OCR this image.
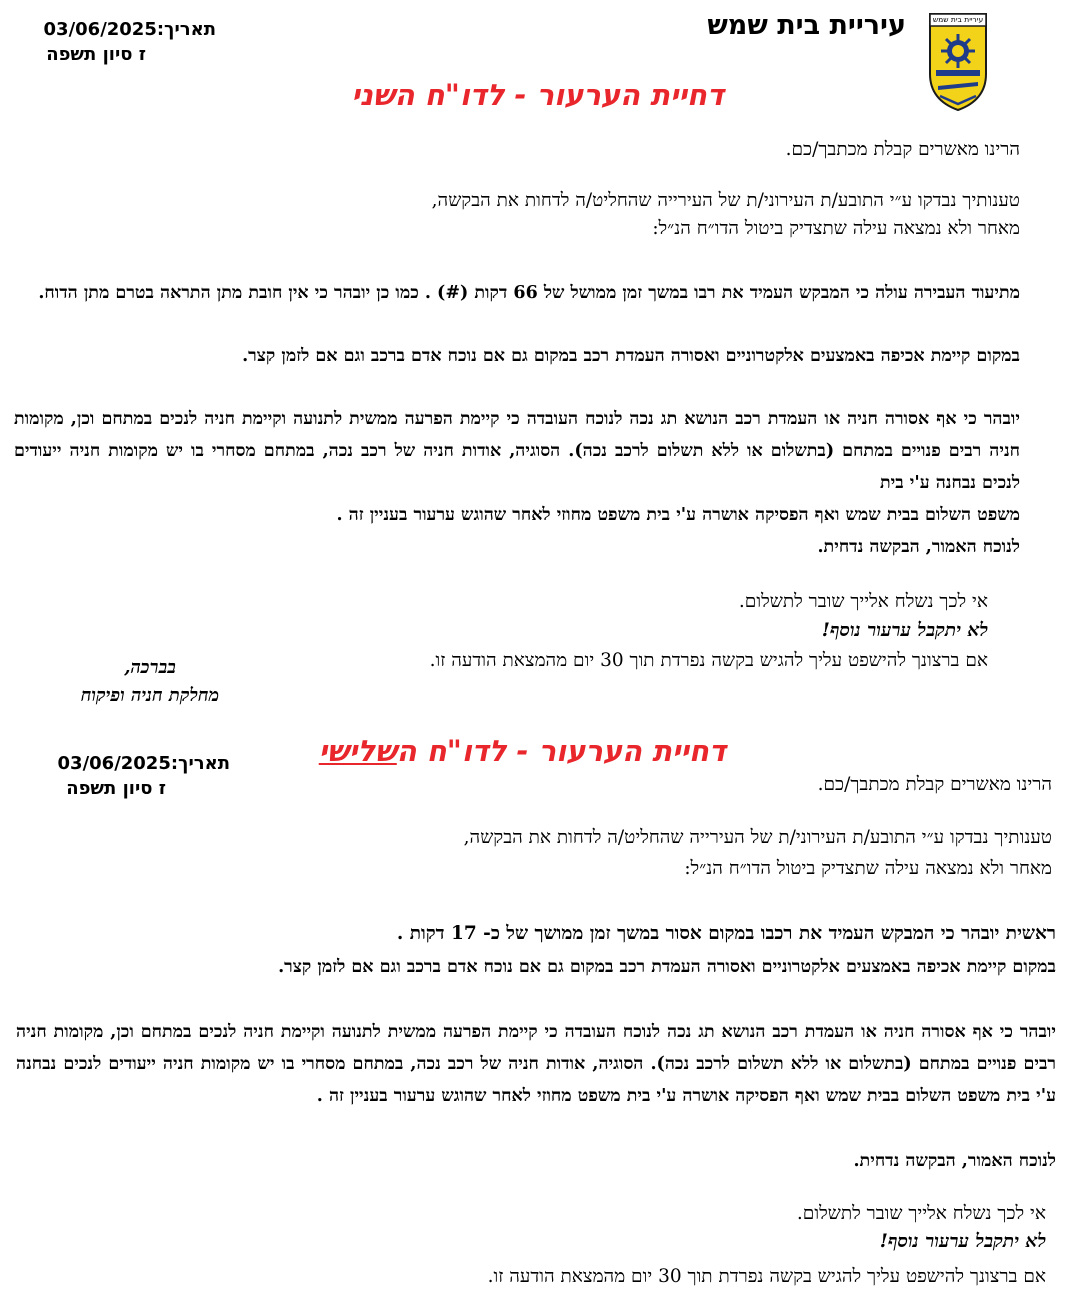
עיריית בית שמש
עיריית בית שמש
תאריך:03/06/2025
ז סיון תשפה
דחיית הערעור - לדו"ח השני
הרינו מאשרים קבלת מכתבך/כם.
טענותיך נבדקו ע״י התובע/ת העירוני/ת של העירייה שהחליט/ה לדחות את הבקשה,
מאחר ולא נמצאה עילה שתצדיק ביטול הדו״ח הנ״ל:
מתיעוד העבירה עולה כי המבקש העמיד את רבו במשך זמן ממושל של 66 דקות (#) . כמו כן יובהר כי אין חובת מתן התראה בטרם מתן הדוח.
במקום קיימת אכיפה באמצעים אלקטרוניים ואסורה העמדת רכב במקום גם אם נוכח אדם ברכב וגם אם לזמן קצר.
יובהר כי אף אסורה חניה או העמדת רכב הנושא תג נכה לנוכח העובדה כי קיימת הפרעה ממשית לתנועה וקיימת חניה לנכים במתחם וכן, מקומות חניה רבים פנויים במתחם (בתשלום או ללא תשלום לרכב נכה). הסוגיה, אודות חניה של רכב נכה, במתחם מסחרי בו יש מקומות חניה ייעודים לנכים נבחנה ע'י בית
משפט השלום בבית שמש ואף הפסיקה אושרה ע'י בית משפט מחוזי לאחר שהוגש ערעור בעניין זה .
לנוכח האמור, הבקשה נדחית.
אי לכך נשלח אלייך שובר לתשלום.
לא יתקבל ערעור נוסף!
אם ברצונך להישפט עליך להגיש בקשה נפרדת תוך 30 יום מהמצאת הודעה זו.
בברכה,
מחלקת חניה ופיקוח
דחיית הערעור - לדו"ח השלישי
תאריך:03/06/2025
ז סיון תשפה	הרינו מאשרים קבלת מכתבך/כם.
טענותיך נבדקו ע״י התובע/ת העירוני/ת של העירייה שהחליט/ה לדחות את הבקשה,
מאחר ולא נמצאה עילה שתצדיק ביטול הדו״ח הנ״ל:
ראשית יובהר כי המבקש העמיד את רכבו במקום אסור במשך זמן ממושך של כ- 17 דקות .
במקום קיימת אכיפה באמצעים אלקטרוניים ואסורה העמדת רכב במקום גם אם נוכח אדם ברכב וגם אם לזמן קצר.
יובהר כי אף אסורה חניה או העמדת רכב הנושא תג נכה לנוכח העובדה כי קיימת הפרעה ממשית לתנועה וקיימת חניה לנכים במתחם וכן, מקומות חניה רבים פנויים במתחם (בתשלום או ללא תשלום לרכב נכה). הסוגיה, אודות חניה של רכב נכה, במתחם מסחרי בו יש מקומות חניה ייעודים לנכים נבחנה ע'י בית משפט השלום בבית שמש ואף הפסיקה אושרה ע'י בית משפט מחוזי לאחר שהוגש ערעור בעניין זה .
לנוכח האמור, הבקשה נדחית.
אי לכך נשלח אלייך שובר לתשלום.
לא יתקבל ערעור נוסף!
אם ברצונך להישפט עליך להגיש בקשה נפרדת תוך 30 יום מהמצאת הודעה זו.
